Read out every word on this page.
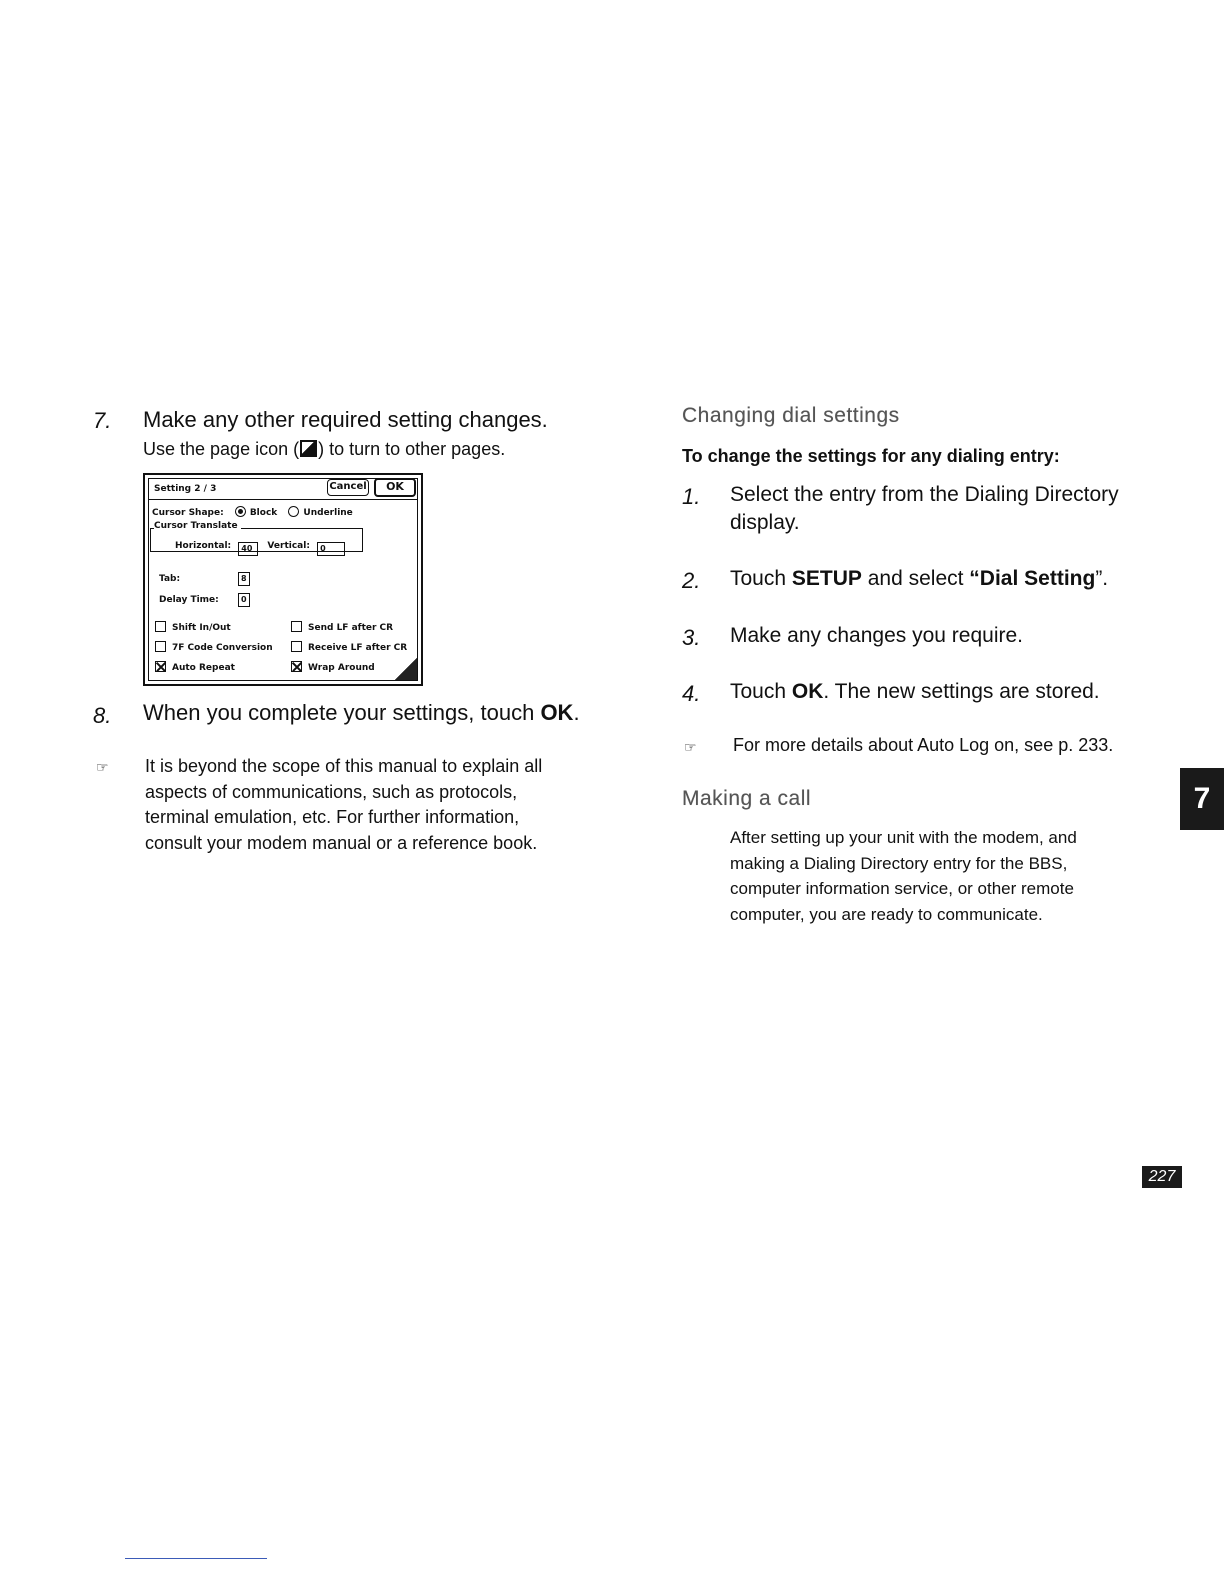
7. Make any other required setting changes.
Use the page icon ( ) to turn to other pages.
Setting 2 / 3	Cancel	OK
Cursor Shape:	Block	Underline
Cursor Translate
Horizontal: 40 Vertical: 0
Tab:	8
Delay Time:	0
Shift In/Out	Send LF after CR
7F Code Conversion	Receive LF after CR
Auto Repeat	Wrap Around
8. When you complete your settings, touch OK.
☞ It is beyond the scope of this manual to explain all
aspects of communications, such as protocols,
terminal emulation, etc. For further information,
consult your modem manual or a reference book.
Changing dial settings
To change the settings for any dialing entry:
1. Select the entry from the Dialing Directory
display.
2. Touch SETUP and select “Dial Setting”.
3. Make any changes you require.
4. Touch OK. The new settings are stored.
☞ For more details about Auto Log on, see p. 233.
Making a call
After setting up your unit with the modem, and
making a Dialing Directory entry for the BBS,
computer information service, or other remote
computer, you are ready to communicate.
7
227
